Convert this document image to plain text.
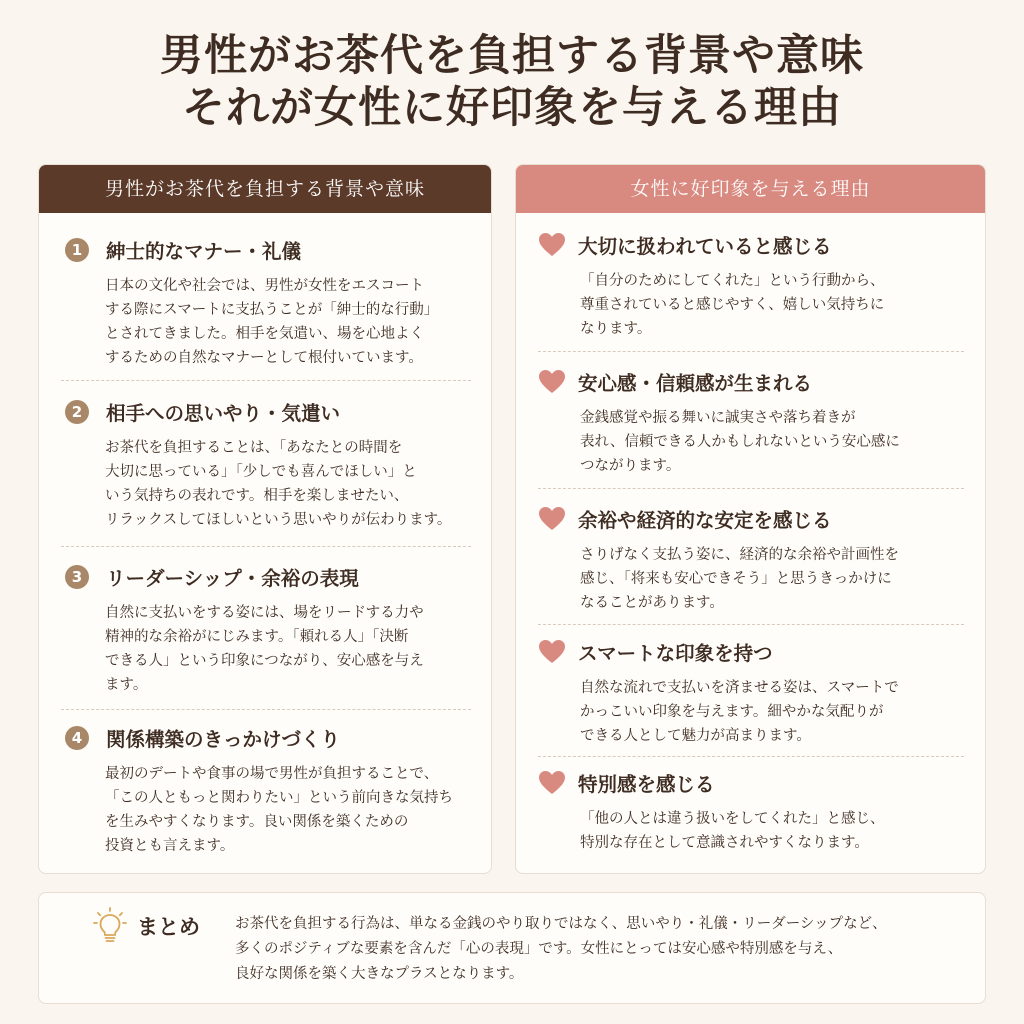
男性がお茶代を負担する背景や意味
それが女性に好印象を与える理由
男性がお茶代を負担する背景や意味
1	紳士的なマナー・礼儀
日本の文化や社会では、男性が女性をエスコート
する際にスマートに支払うことが「紳士的な行動」
とされてきました。相手を気遣い、場を心地よく
するための自然なマナーとして根付いています。
2	相手への思いやり・気遣い
お茶代を負担することは、「あなたとの時間を
大切に思っている」「少しでも喜んでほしい」と
いう気持ちの表れです。相手を楽しませたい、
リラックスしてほしいという思いやりが伝わります。
3	リーダーシップ・余裕の表現
自然に支払いをする姿には、場をリードする力や
精神的な余裕がにじみます。「頼れる人」「決断
できる人」という印象につながり、安心感を与え
ます。
4	関係構築のきっかけづくり
最初のデートや食事の場で男性が負担することで、
「この人ともっと関わりたい」という前向きな気持ち
を生みやすくなります。良い関係を築くための
投資とも言えます。
女性に好印象を与える理由
大切に扱われていると感じる
「自分のためにしてくれた」という行動から、
尊重されていると感じやすく、嬉しい気持ちに
なります。
安心感・信頼感が生まれる
金銭感覚や振る舞いに誠実さや落ち着きが
表れ、信頼できる人かもしれないという安心感に
つながります。
余裕や経済的な安定を感じる
さりげなく支払う姿に、経済的な余裕や計画性を
感じ、「将来も安心できそう」と思うきっかけに
なることがあります。
スマートな印象を持つ
自然な流れで支払いを済ませる姿は、スマートで
かっこいい印象を与えます。細やかな気配りが
できる人として魅力が高まります。
特別感を感じる
「他の人とは違う扱いをしてくれた」と感じ、
特別な存在として意識されやすくなります。
まとめ お茶代を負担する行為は、単なる金銭のやり取りではなく、思いやり・礼儀・リーダーシップなど、
多くのポジティブな要素を含んだ「心の表現」です。女性にとっては安心感や特別感を与え、
良好な関係を築く大きなプラスとなります。
